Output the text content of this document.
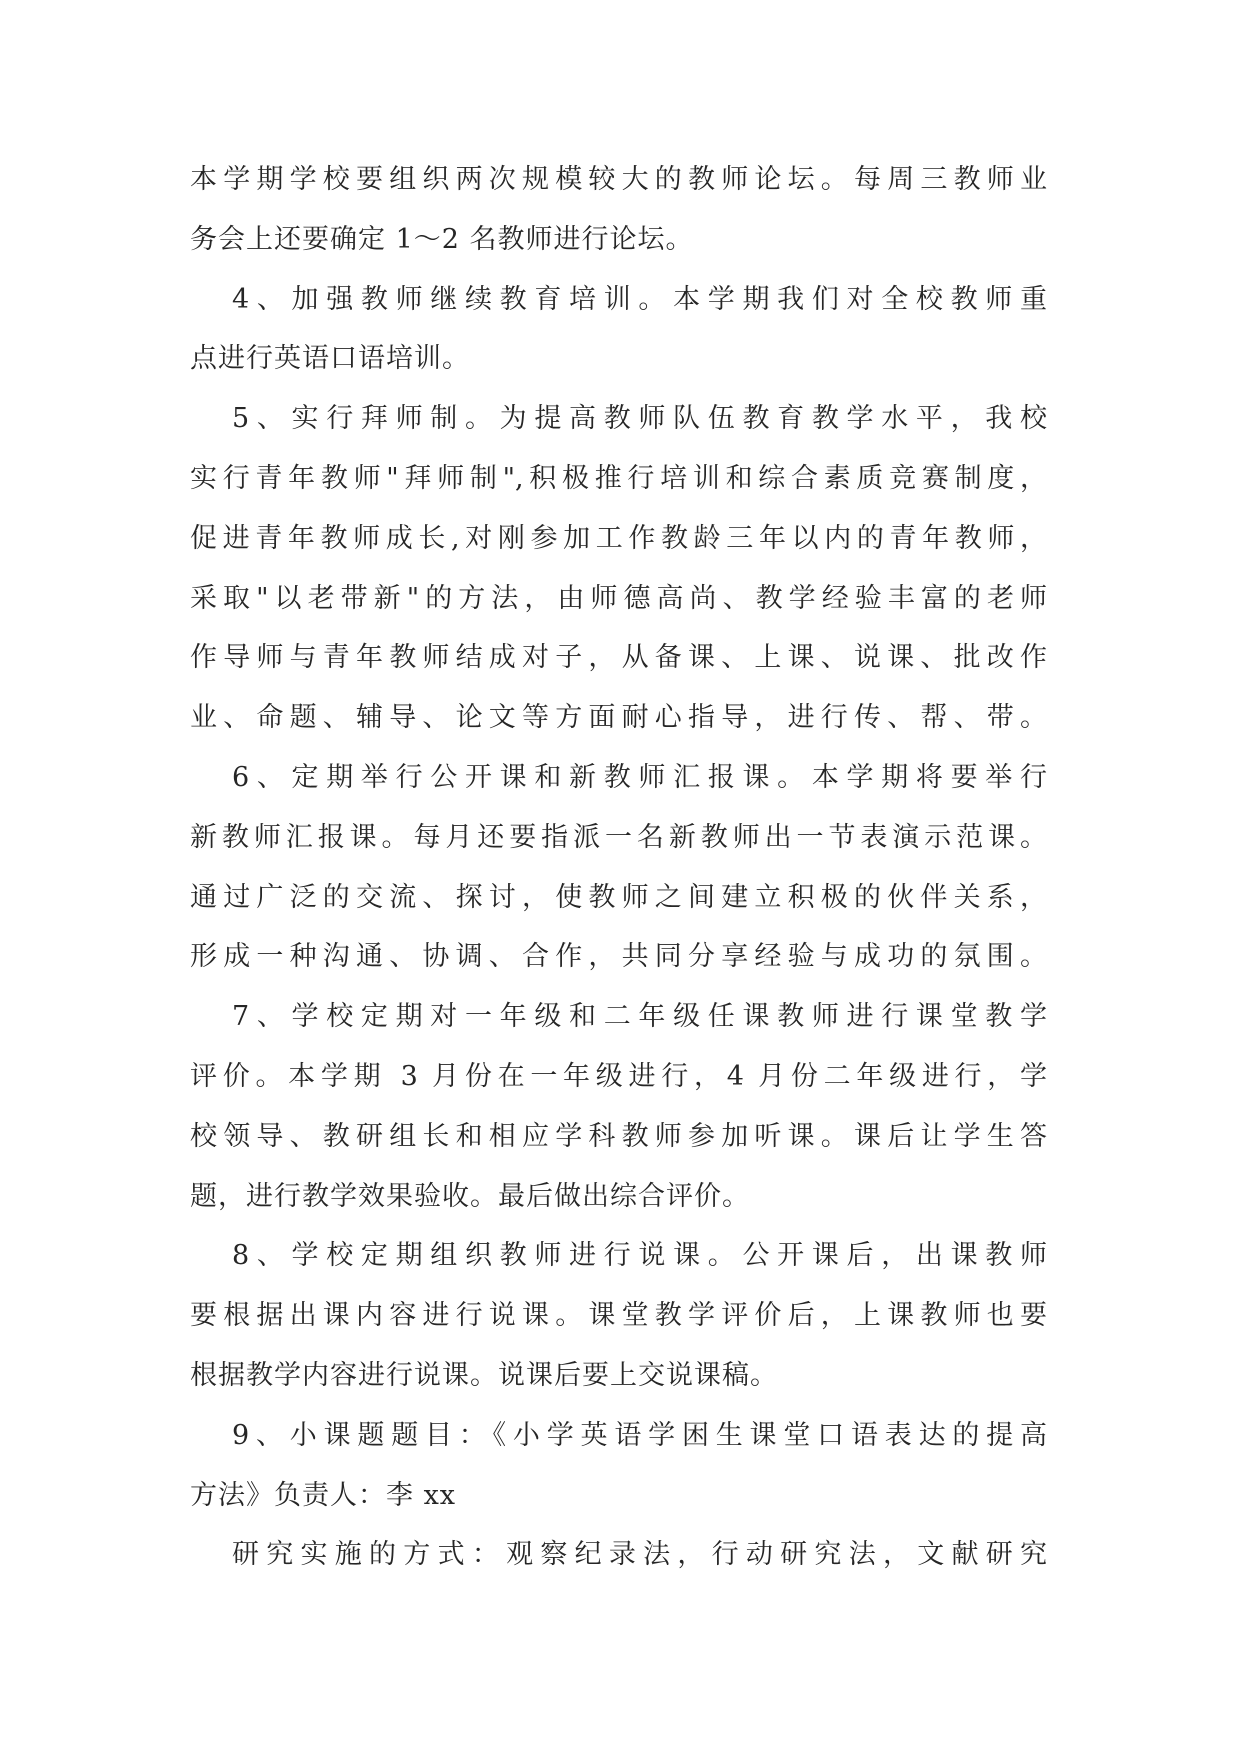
本学期学校要组织两次规模较大的教师论坛。每周三教师业
务会上还要确定 1～2 名教师进行论坛。
4、加强教师继续教育培训。本学期我们对全校教师重
点进行英语口语培训。
5、实行拜师制。为提高教师队伍教育教学水平，我校
实行青年教师"拜师制",积极推行培训和综合素质竞赛制度，
促进青年教师成长,对刚参加工作教龄三年以内的青年教师，
采取"以老带新"的方法，由师德高尚、教学经验丰富的老师
作导师与青年教师结成对子，从备课、上课、说课、批改作
业、命题、辅导、论文等方面耐心指导，进行传、帮、带。
6、定期举行公开课和新教师汇报课。本学期将要举行
新教师汇报课。每月还要指派一名新教师出一节表演示范课。
通过广泛的交流、探讨，使教师之间建立积极的伙伴关系，
形成一种沟通、协调、合作，共同分享经验与成功的氛围。
7、学校定期对一年级和二年级任课教师进行课堂教学
评价。本学期 3 月份在一年级进行，4 月份二年级进行，学
校领导、教研组长和相应学科教师参加听课。课后让学生答
题，进行教学效果验收。最后做出综合评价。
8、学校定期组织教师进行说课。公开课后，出课教师
要根据出课内容进行说课。课堂教学评价后，上课教师也要
根据教学内容进行说课。说课后要上交说课稿。
9、小课题题目：《小学英语学困生课堂口语表达的提高
方法》负责人：李 xx
研究实施的方式：观察纪录法，行动研究法，文献研究
